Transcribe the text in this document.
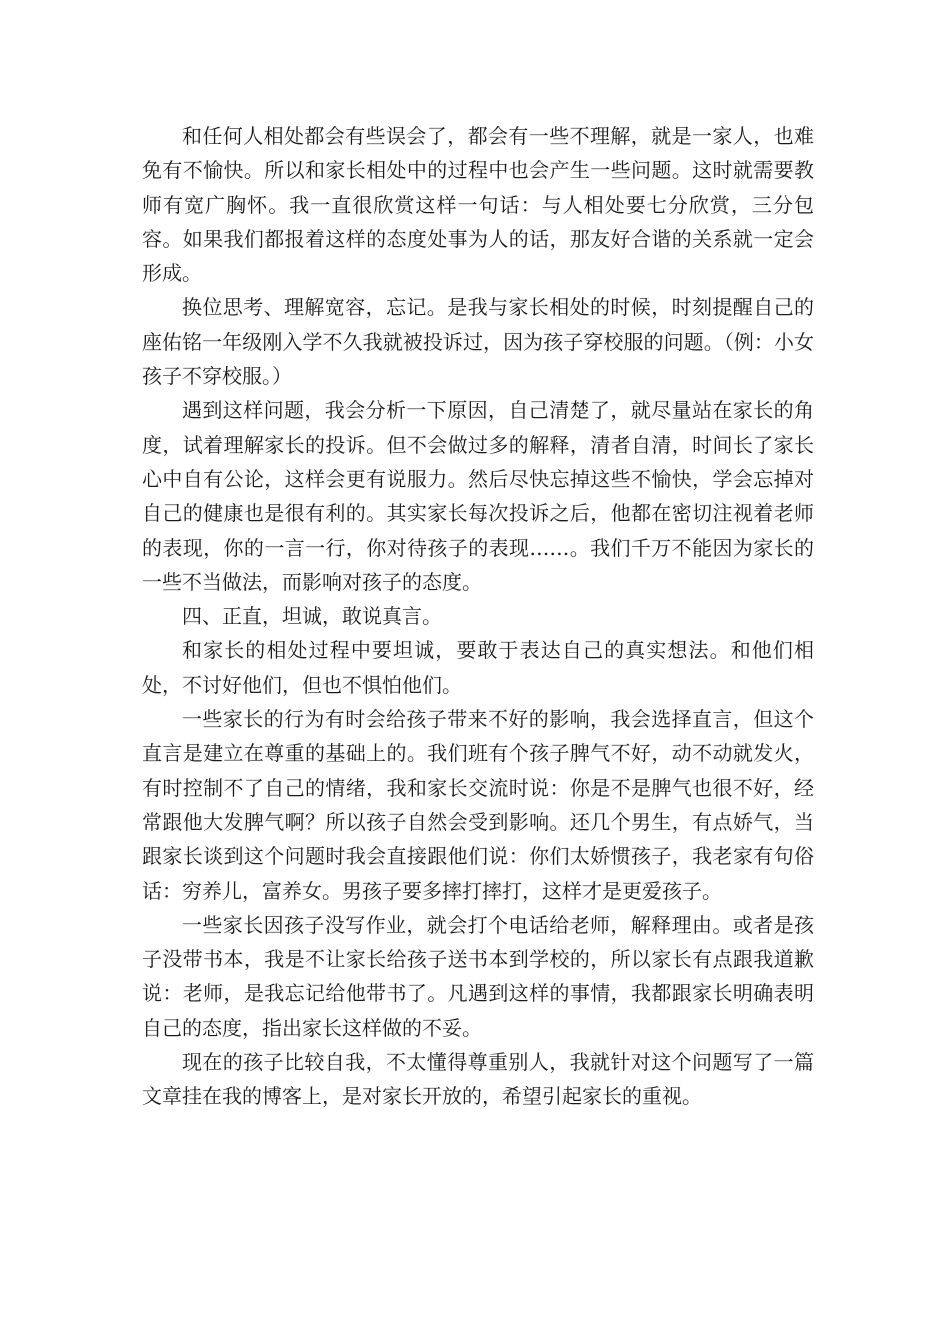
和任何人相处都会有些误会了，都会有一些不理解，就是一家人，也难免有不愉快。所以和家长相处中的过程中也会产生一些问题。这时就需要教师有宽广胸怀。我一直很欣赏这样一句话：与人相处要七分欣赏，三分包容。如果我们都报着这样的态度处事为人的话，那友好合谐的关系就一定会形成。

换位思考、理解宽容，忘记。是我与家长相处的时候，时刻提醒自己的座佑铭一年级刚入学不久我就被投诉过，因为孩子穿校服的问题。（例：小女孩子不穿校服。）

遇到这样问题，我会分析一下原因，自己清楚了，就尽量站在家长的角度，试着理解家长的投诉。但不会做过多的解释，清者自清，时间长了家长心中自有公论，这样会更有说服力。然后尽快忘掉这些不愉快，学会忘掉对自己的健康也是很有利的。其实家长每次投诉之后，他都在密切注视着老师的表现，你的一言一行，你对待孩子的表现……。我们千万不能因为家长的一些不当做法，而影响对孩子的态度。

四、正直，坦诚，敢说真言。

和家长的相处过程中要坦诚，要敢于表达自己的真实想法。和他们相处，不讨好他们，但也不惧怕他们。

一些家长的行为有时会给孩子带来不好的影响，我会选择直言，但这个直言是建立在尊重的基础上的。我们班有个孩子脾气不好，动不动就发火，有时控制不了自己的情绪，我和家长交流时说：你是不是脾气也很不好，经常跟他大发脾气啊？所以孩子自然会受到影响。还几个男生，有点娇气，当跟家长谈到这个问题时我会直接跟他们说：你们太娇惯孩子，我老家有句俗话：穷养儿，富养女。男孩子要多摔打摔打，这样才是更爱孩子。

一些家长因孩子没写作业，就会打个电话给老师，解释理由。或者是孩子没带书本，我是不让家长给孩子送书本到学校的，所以家长有点跟我道歉说：老师，是我忘记给他带书了。凡遇到这样的事情，我都跟家长明确表明自己的态度，指出家长这样做的不妥。

现在的孩子比较自我，不太懂得尊重别人，我就针对这个问题写了一篇文章挂在我的博客上，是对家长开放的，希望引起家长的重视。
